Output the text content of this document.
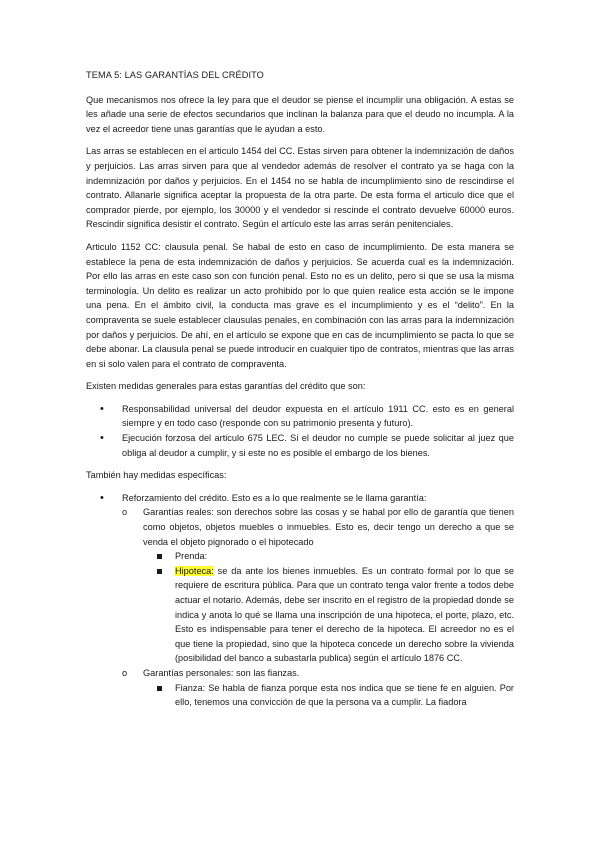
TEMA 5: LAS GARANTÍAS DEL CRÉDITO

Que mecanismos nos ofrece la ley para que el deudor se piense el incumplir una obligación. A estas se les añade una serie de efectos secundarios que inclinan la balanza para que el deudo no incumpla. A la vez el acreedor tiene unas garantías que le ayudan a esto.

Las arras se establecen en el articulo 1454 del CC. Estas sirven para obtener la indemnización de daños y perjuicios. Las arras sirven para que al vendedor además de resolver el contrato ya se haga con la indemnización por daños y perjuicios. En el 1454 no se habla de incumplimiento sino de rescindirse el contrato. Allanarle significa aceptar la propuesta de la otra parte. De esta forma el articulo dice que el comprador pierde, por ejemplo, los 30000 y el vendedor si rescinde el contrato devuelve 60000 euros. Rescindir significa desistir el contrato. Según el artículo este las arras serán penitenciales.

Articulo 1152 CC: clausula penal. Se habal de esto en caso de incumplimiento. De esta manera se establece la pena de esta indemnización de daños y perjuicios. Se acuerda cual es la indemnización. Por ello las arras en este caso son con función penal. Esto no es un delito, pero si que se usa la misma terminología. Un delito es realizar un acto prohibido por lo que quien realice esta acción se le impone una pena. En el ámbito civil, la conducta mas grave es el incumplimiento y es el “delito”. En la compraventa se suele establecer clausulas penales, en combinación con las arras para la indemnización por daños y perjuicios. De ahí, en el artículo se expone que en cas de incumplimiento se pacta lo que se debe abonar. La clausula penal se puede introducir en cualquier tipo de contratos, mientras que las arras en si solo valen para el contrato de compraventa.

Existen medidas generales para estas garantías del crédito que son:

• Responsabilidad universal del deudor expuesta en el artículo 1911 CC. esto es en general siempre y en todo caso (responde con su patrimonio presenta y futuro).
• Ejecución forzosa del articulo 675 LEC. Si el deudor no cumple se puede solicitar al juez que obliga al deudor a cumplir, y si este no es posible el embargo de los bienes.

También hay medidas específicas:

• Reforzamiento del crédito. Esto es a lo que realmente se le llama garantía:
o Garantías reales: son derechos sobre las cosas y se habal por ello de garantía que tienen como objetos, objetos muebles o inmuebles. Esto es, decir tengo un derecho a que se venda el objeto pignorado o el hipotecado
Prenda:
Hipoteca: se da ante los bienes inmuebles. Es un contrato formal por lo que se requiere de escritura pública. Para que un contrato tenga valor frente a todos debe actuar el notario. Además, debe ser inscrito en el registro de la propiedad donde se indica y anota lo qué se llama una inscripción de una hipoteca, el porte, plazo, etc. Esto es indispensable para tener el derecho de la hipoteca. El acreedor no es el que tiene la propiedad, sino que la hipoteca concede un derecho sobre la vivienda (posibilidad del banco a subastarla publica) según el artículo 1876 CC.
o Garantías personales: son las fianzas.
Fianza: Se habla de fianza porque esta nos indica que se tiene fe en alguien. Por ello, tenemos una convicción de que la persona va a cumplir. La fiadora
